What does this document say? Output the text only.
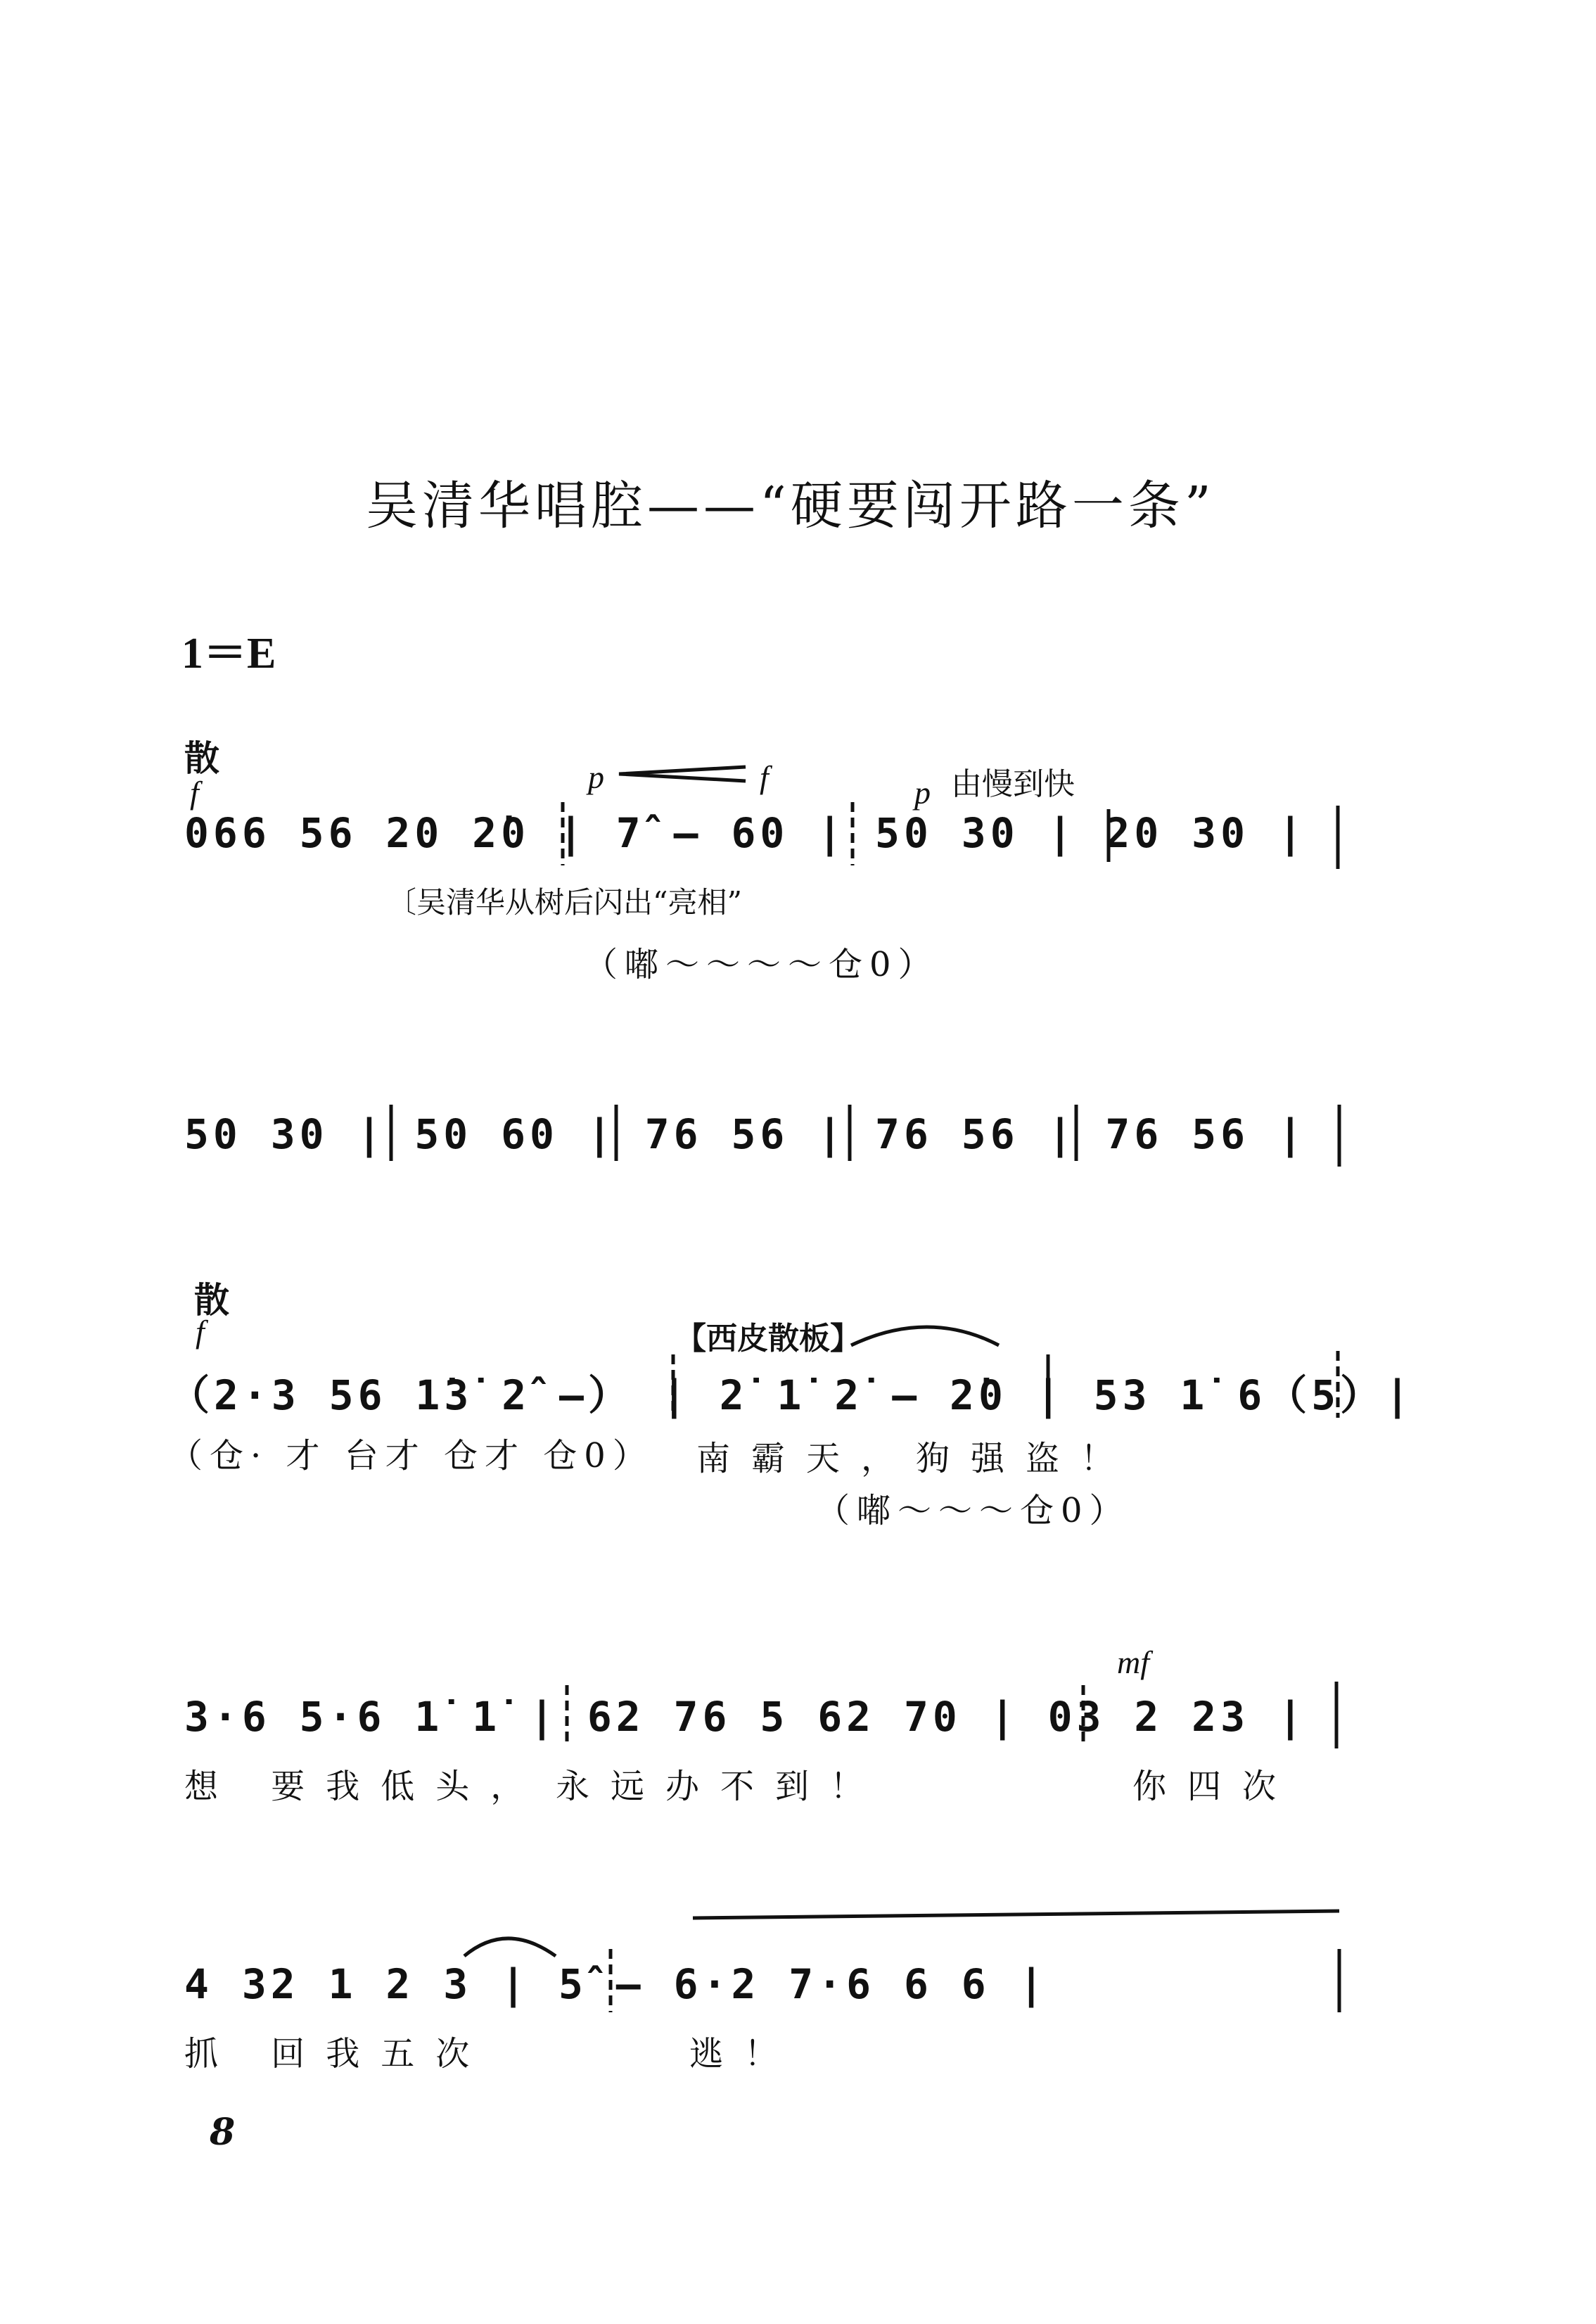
吴清华唱腔——“硬要闯开路一条”
1＝E
散
f	p	f	p 由慢到快
066 56 20 2̇0 | 7̂ – 60 | 50 30 | 20 30 |
〔吴清华从树后闪出“亮相”
（嘟～～～～仓0）
50 30 | 50 60 | 76 56 | 76 56 | 76 56 |
散
f	【西皮散板】
（2·3 56 1̇3̇ 2̂ –） | 2̇ 1̇ 2̇ – 2̇0 | 53 1̇ 6（5）|
（仓· 才 台才 仓才 仓0） 南霸天，狗强盗！
（嘟～～～仓0）
mf
3·6 5·6 1̇ 1̇ | 62 76 5 62 70 | 03 2 23 |
想 要我低头， 永远办不到！	你四次
4 32 1 2 3 | 5̂ – 6·2 7·6 6 6 |
抓 回我五次	逃！
8
